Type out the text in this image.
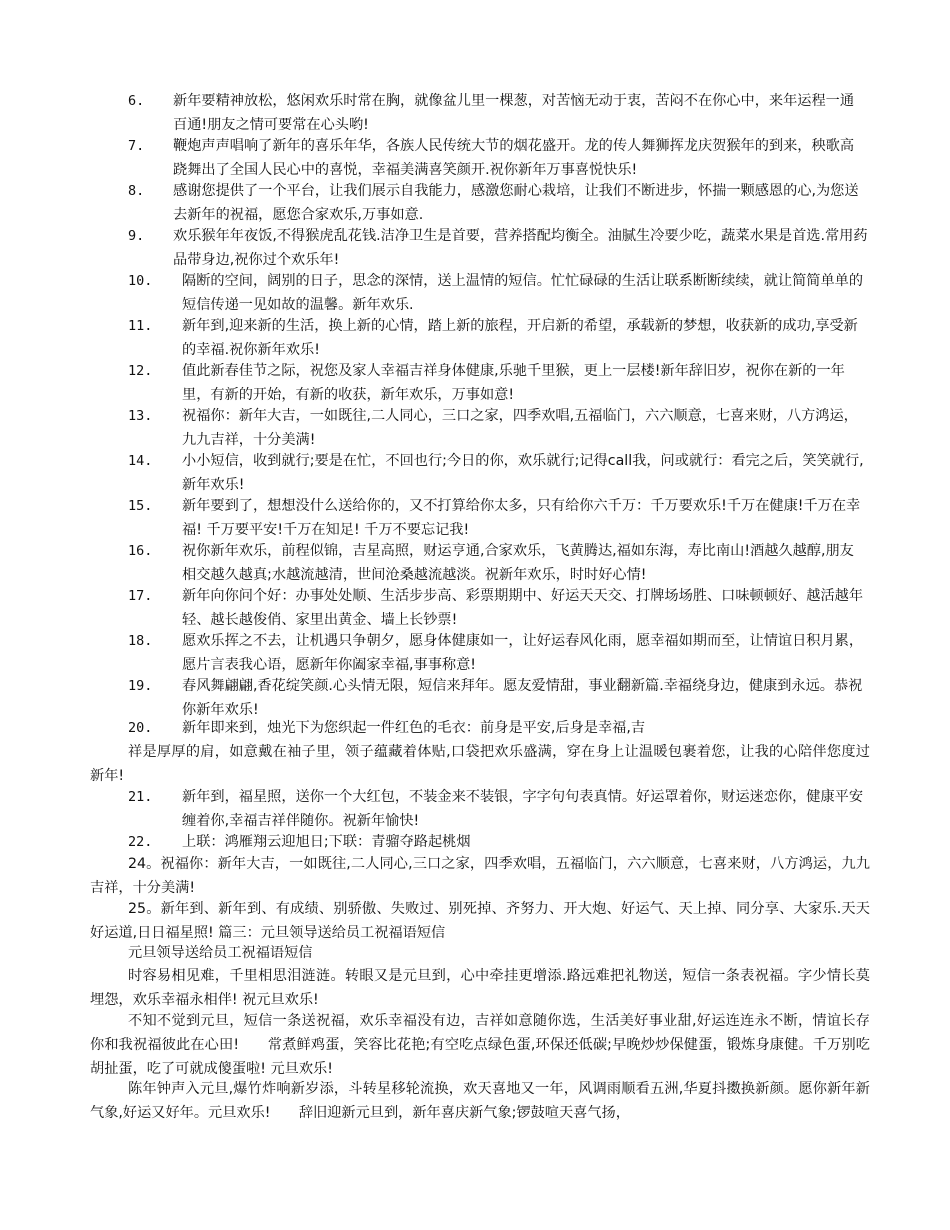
6.	新年要精神放松，悠闲欢乐时常在胸，就像盆儿里一棵葱，对苦恼无动于衷，苦闷不在你心中，来年运程一通百通!朋友之情可要常在心头哟!
7.	鞭炮声声唱响了新年的喜乐年华，各族人民传统大节的烟花盛开。龙的传人舞狮挥龙庆贺猴年的到来，秧歌高跷舞出了全国人民心中的喜悦，幸福美满喜笑颜开.祝你新年万事喜悦快乐!
8.	感谢您提供了一个平台，让我们展示自我能力，感激您耐心栽培，让我们不断进步，怀揣一颗感恩的心,为您送去新年的祝福，愿您合家欢乐,万事如意.
9.	欢乐猴年年夜饭,不得猴虎乱花钱.洁净卫生是首要，营养搭配均衡全。油腻生冷要少吃，蔬菜水果是首选.常用药品带身边,祝你过个欢乐年!
10.	隔断的空间，阔别的日子，思念的深情，送上温情的短信。忙忙碌碌的生活让联系断断续续，就让简简单单的短信传递一见如故的温馨。新年欢乐.
11.	新年到,迎来新的生活，换上新的心情，踏上新的旅程，开启新的希望，承载新的梦想，收获新的成功,享受新的幸福.祝你新年欢乐!
12.	值此新春佳节之际，祝您及家人幸福吉祥身体健康,乐驰千里猴，更上一层楼!新年辞旧岁，祝你在新的一年里，有新的开始，有新的收获，新年欢乐，万事如意!
13.	祝福你：新年大吉，一如既往,二人同心，三口之家，四季欢唱,五福临门，六六顺意，七喜来财，八方鸿运，九九吉祥，十分美满!
14.	小小短信，收到就行;要是在忙，不回也行;今日的你，欢乐就行;记得call我，问或就行：看完之后，笑笑就行,新年欢乐!
15.	新年要到了，想想没什么送给你的，又不打算给你太多，只有给你六千万：千万要欢乐!千万在健康!千万在幸福! 千万要平安!千万在知足! 千万不要忘记我!
16.	祝你新年欢乐，前程似锦，吉星高照，财运亨通,合家欢乐，飞黄腾达,福如东海，寿比南山!酒越久越醇,朋友相交越久越真;水越流越清，世间沧桑越流越淡。祝新年欢乐，时时好心情!
17.	新年向你问个好：办事处处顺、生活步步高、彩票期期中、好运天天交、打牌场场胜、口味顿顿好、越活越年轻、越长越俊俏、家里出黄金、墙上长钞票!
18.	愿欢乐挥之不去，让机遇只争朝夕，愿身体健康如一，让好运春风化雨，愿幸福如期而至，让情谊日积月累，愿片言表我心语，愿新年你阖家幸福,事事称意!
19.	春风舞翩翩,香花绽笑颜.心头情无限，短信来拜年。愿友爱情甜，事业翻新篇.幸福绕身边，健康到永远。恭祝你新年欢乐!
20.	新年即来到，烛光下为您织起一件红色的毛衣：前身是平安,后身是幸福,吉
祥是厚厚的肩，如意戴在袖子里，领子蕴藏着体贴,口袋把欢乐盛满，穿在身上让温暖包裹着您，让我的心陪伴您度过新年!
21.	新年到，福星照，送你一个大红包，不装金来不装银，字字句句表真情。好运罩着你，财运迷恋你，健康平安缠着你,幸福吉祥伴随你。祝新年愉快!
22.	上联：鸿雁翔云迎旭日;下联：青骝夺路起桃烟
24。祝福你：新年大吉，一如既往,二人同心,三口之家，四季欢唱，五福临门，六六顺意，七喜来财，八方鸿运，九九吉祥，十分美满!
25。新年到、新年到、有成绩、别骄傲、失败过、别死掉、齐努力、开大炮、好运气、天上掉、同分享、大家乐.天天好运道,日日福星照! 篇三：元旦领导送给员工祝福语短信
元旦领导送给员工祝福语短信
时容易相见难，千里相思泪涟涟。转眼又是元旦到，心中牵挂更增添.路远难把礼物送，短信一条表祝福。字少情长莫埋怨，欢乐幸福永相伴! 祝元旦欢乐!
不知不觉到元旦，短信一条送祝福，欢乐幸福没有边，吉祥如意随你选，生活美好事业甜,好运连连永不断，情谊长存你和我祝福彼此在心田!　　常煮鲜鸡蛋，笑容比花艳;有空吃点绿色蛋,环保还低碳;早晚炒炒保健蛋，锻炼身康健。千万别吃胡扯蛋，吃了可就成傻蛋啦! 元旦欢乐!
陈年钟声入元旦,爆竹炸响新岁添，斗转星移轮流换，欢天喜地又一年，风调雨顺看五洲,华夏抖擞换新颜。愿你新年新气象,好运又好年。元旦欢乐!　　辞旧迎新元旦到，新年喜庆新气象;锣鼓喧天喜气扬，
